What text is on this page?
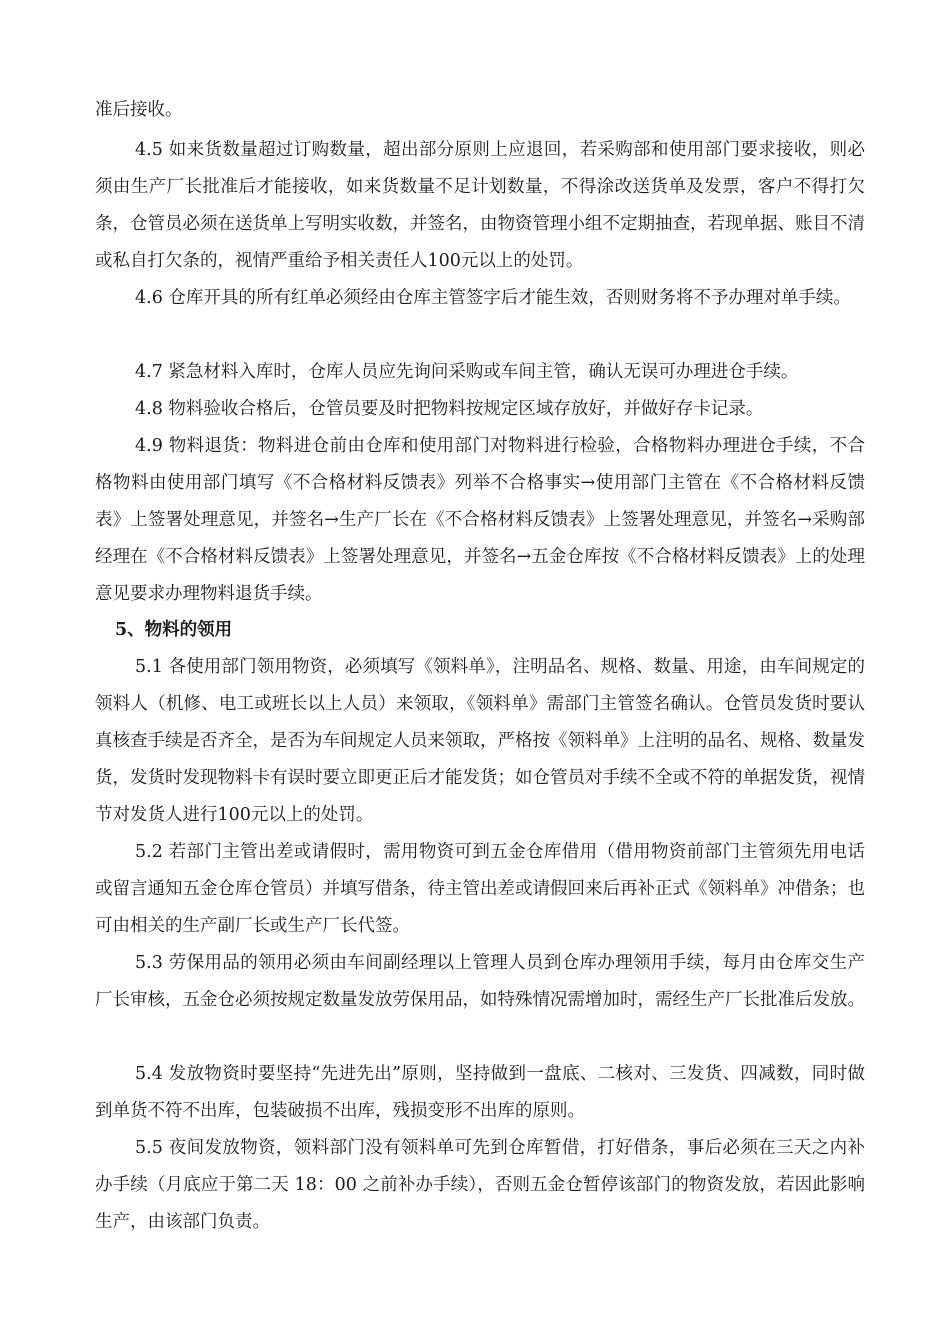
准后接收。

4.5 如来货数量超过订购数量，超出部分原则上应退回，若采购部和使用部门要求接收，则必须由生产厂长批准后才能接收，如来货数量不足计划数量，不得涂改送货单及发票，客户不得打欠条，仓管员必须在送货单上写明实收数，并签名，由物资管理小组不定期抽查，若现单据、账目不清或私自打欠条的，视情严重给予相关责任人100元以上的处罚。

4.6 仓库开具的所有红单必须经由仓库主管签字后才能生效，否则财务将不予办理对单手续。

4.7 紧急材料入库时，仓库人员应先询问采购或车间主管，确认无误可办理进仓手续。

4.8 物料验收合格后，仓管员要及时把物料按规定区域存放好，并做好存卡记录。

4.9 物料退货：物料进仓前由仓库和使用部门对物料进行检验，合格物料办理进仓手续，不合格物料由使用部门填写《不合格材料反馈表》列举不合格事实→使用部门主管在《不合格材料反馈表》上签署处理意见，并签名→生产厂长在《不合格材料反馈表》上签署处理意见，并签名→采购部经理在《不合格材料反馈表》上签署处理意见，并签名→五金仓库按《不合格材料反馈表》上的处理意见要求办理物料退货手续。

5、物料的领用

5.1 各使用部门领用物资，必须填写《领料单》，注明品名、规格、数量、用途，由车间规定的领料人（机修、电工或班长以上人员）来领取，《领料单》需部门主管签名确认。仓管员发货时要认真核查手续是否齐全，是否为车间规定人员来领取，严格按《领料单》上注明的品名、规格、数量发货，发货时发现物料卡有误时要立即更正后才能发货；如仓管员对手续不全或不符的单据发货，视情节对发货人进行100元以上的处罚。

5.2 若部门主管出差或请假时，需用物资可到五金仓库借用（借用物资前部门主管须先用电话或留言通知五金仓库仓管员）并填写借条，待主管出差或请假回来后再补正式《领料单》冲借条；也可由相关的生产副厂长或生产厂长代签。

5.3 劳保用品的领用必须由车间副经理以上管理人员到仓库办理领用手续，每月由仓库交生产厂长审核，五金仓必须按规定数量发放劳保用品，如特殊情况需增加时，需经生产厂长批准后发放。

5.4 发放物资时要坚持“先进先出”原则，坚持做到一盘底、二核对、三发货、四减数，同时做到单货不符不出库，包装破损不出库，残损变形不出库的原则。

5.5 夜间发放物资，领料部门没有领料单可先到仓库暂借，打好借条，事后必须在三天之内补办手续（月底应于第二天 18：00 之前补办手续），否则五金仓暂停该部门的物资发放，若因此影响生产，由该部门负责。
